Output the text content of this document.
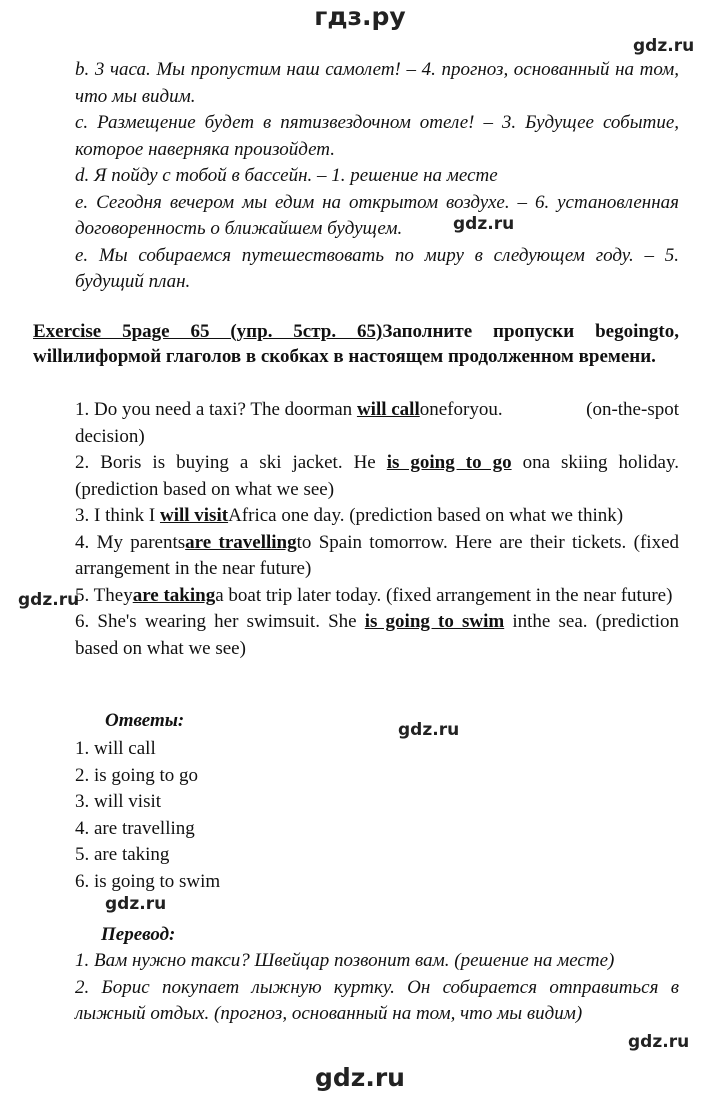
гдз.ру
gdz.ru
gdz.ru
gdz.ru
gdz.ru
gdz.ru
gdz.ru
gdz.ru
b. 3 часа. Мы пропустим наш самолет! – 4. прогноз, основанный на том, что мы видим.
c. Размещение будет в пятизвездочном отеле! – 3. Будущее событие, которое наверняка произойдет.
d. Я пойду с тобой в бассейн. – 1. решение на месте
e. Сегодня вечером мы едим на открытом воздухе. – 6. установленная договоренность о ближайшем будущем.
e. Мы собираемся путешествовать по миру в следующем году. – 5. будущий план.
Exercise 5page 65 (упр. 5стр. 65)Заполните пропуски begoingto, willилиформой глаголов в скобках в настоящем продолженном времени.
1. Do you need a taxi? The doorman will calloneforyou.	(on-the-spot

decision)
2. Boris is buying a ski jacket. He is going to go ona skiing holiday. (prediction based on what we see)
3. I think I will visitAfrica one day. (prediction based on what we think)
4. My parentsare travellingto Spain tomorrow. Here are their tickets. (fixed arrangement in the near future)
5. Theyare takinga boat trip later today. (fixed arrangement in the near future)
6. She's wearing her swimsuit. She is going to swim inthe sea. (prediction based on what we see)
Ответы:
1. will call
2. is going to go
3. will visit
4. are travelling
5. are taking
6. is going to swim
Перевод:
1. Вам нужно такси? Швейцар позвонит вам. (решение на месте)
2. Борис покупает лыжную куртку. Он собирается отправиться в
лыжный отдых. (прогноз, основанный на том, что мы видим)
